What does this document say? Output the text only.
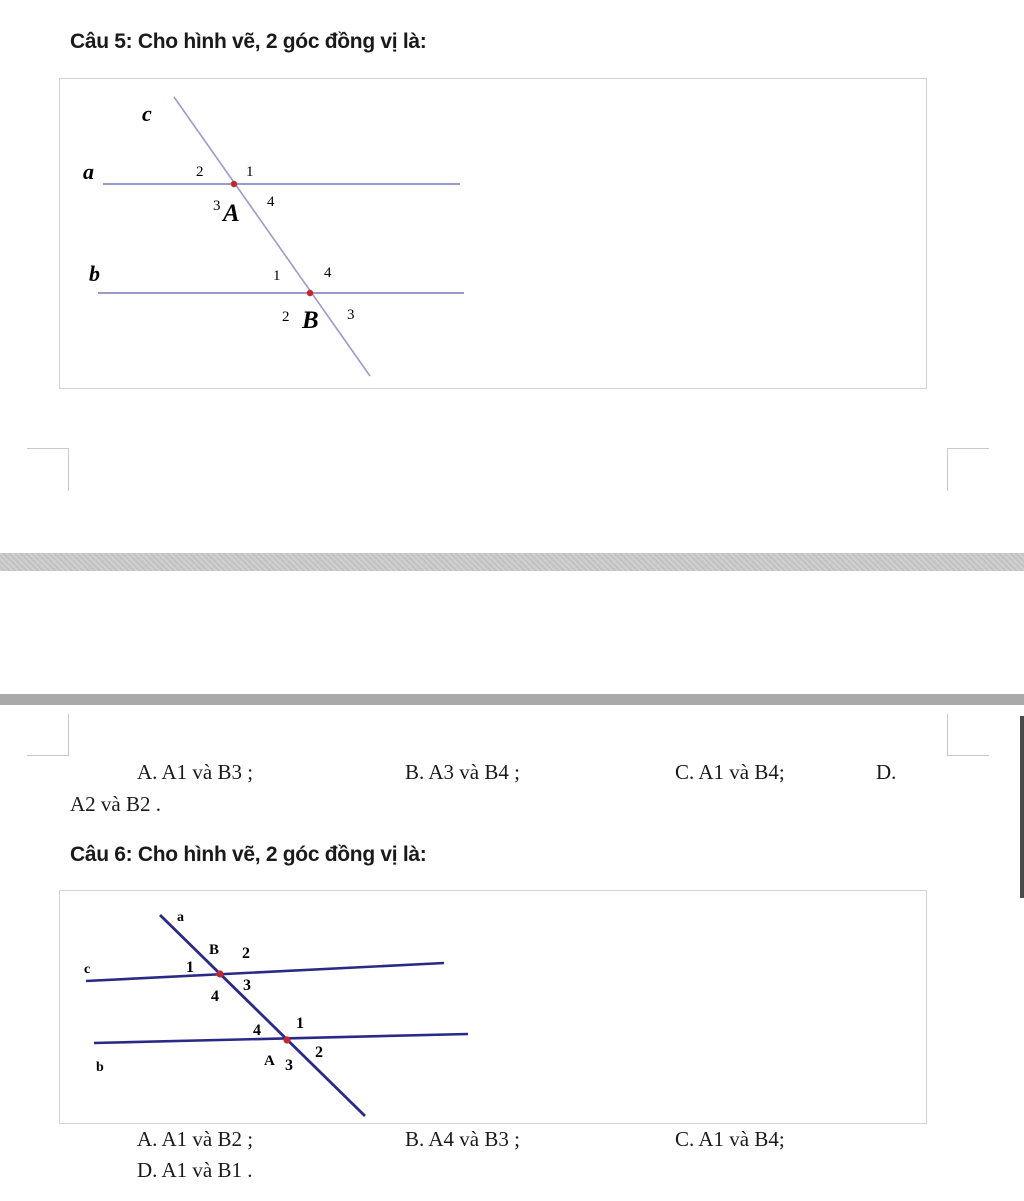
Câu 5: Cho hình vẽ, 2 góc đồng vị là:
c
a
b
2	1
3 A 4
1	4
2 B 3
A. A1 và B3 ;	B. A3 và B4 ;	C. A1 và B4;	D.
A2 và B2 .
Câu 6: Cho hình vẽ, 2 góc đồng vị là:
a
c
b
B 2
1
4
3
4 1
A 3
2
A. A1 và B2 ;	B. A4 và B3 ;	C. A1 và B4;
D. A1 và B1 .
